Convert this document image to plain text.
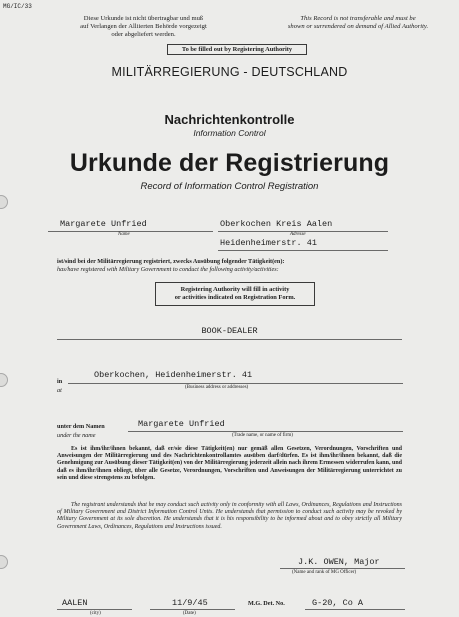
MG/IC/33
Diese Urkunde ist nicht übertragbar und muß
auf Verlangen der Alliierten Behörde vorgezeigt
oder abgeliefert werden.
This Record is not transferable and must be
shown or surrendered on demand of Allied Authority.
To be filled out by Registering Authority
MILITÄRREGIERUNG - DEUTSCHLAND
Nachrichtenkontrolle
Information Control
Urkunde der Registrierung
Record of Information Control Registration
Margarete Unfried
Name
Oberkochen Kreis Aalen
Adresse
Heidenheimerstr. 41
ist/sind bei der Militärregierung registriert, zwecks Ausübung folgender Tätigkeit(en):
has/have registered with Military Government to conduct the following activity/activities:
Registering Authority will fill in activity
or activities indicated on Registration Form.
BOOK-DEALER
in
at
Oberkochen, Heidenheimerstr. 41
(Business address or addresses)
unter dem Namen
under the name
Margarete Unfried
(Trade name, or name of firm)
Es ist ihm/ihr/ihnen bekannt, daß er/sie diese Tätigkeit(en) nur gemäß allen Gesetzen, Verordnungen, Vorschriften und Anweisungen der Militärregierung und des Nachrichtenkontrollamtes ausüben darf/dürfen. Es ist ihm/ihr/ihnen bekannt, daß die Genehmigung zur Ausübung dieser Tätigkeit(en) von der Militärregierung jederzeit allein nach ihrem Ermessen widerrufen kann, und daß es ihm/ihr/ihnen obliegt, über alle Gesetze, Verordnungen, Vorschriften und Anweisungen der Militärregierung unterrichtet zu sein und diese strengstens zu befolgen.
The registrant understands that he may conduct such activity only in conformity with all Laws, Ordinances, Regulations and Instructions of Military Government and District Information Control Units. He understands that permission to conduct such activity may be revoked by Military Government at its sole discretion. He understands that it is his responsibility to be informed about and to obey strictly all Military Government Laws, Ordinances, Regulations and Instructions issued.
J.K. OWEN, Major
(Name and rank of MG Officer)
AALEN
(city)
11/9/45
(Date)
M.G. Det. No.	G-20, Co A
